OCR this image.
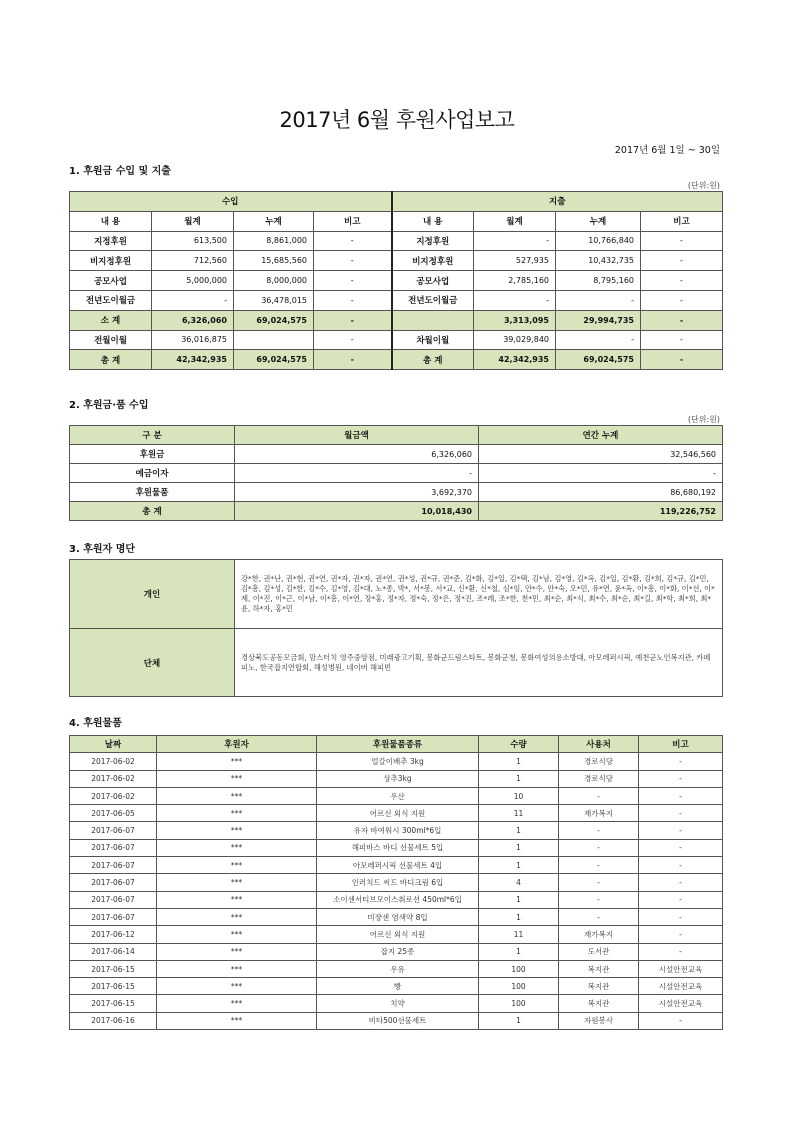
2017년 6월 후원사업보고
2017년 6월 1일 ~ 30일
1. 후원금 수입 및 지출
(단위:원)
수입				지출			
내 용	월계	누계	비고	내 용	월계	누계	비고
지정후원	613,500	8,861,000	-	지정후원	-	10,766,840	-
비지정후원	712,560	15,685,560	-	비지정후원	527,935	10,432,735	-
공모사업	5,000,000	8,000,000	-	공모사업	2,785,160	8,795,160	-
전년도이월금	-	36,478,015	-	전년도이월금	-	-	-
소 계	6,326,060	69,024,575	-		3,313,095	29,994,735	-
전월이월	36,016,875		-	차월이월	39,029,840	-	-
총 계	42,342,935	69,024,575	-	총 계	42,342,935	69,024,575	-
2. 후원금·품 수입
(단위:원)
구 분	월금액	연간 누계
후원금	6,326,060	32,546,560
예금이자	-	-
후원물품	3,692,370	86,680,192
총 계	10,018,430	119,226,752
3. 후원자 명단
개인	강*한, 권*난, 권*현, 권*연, 권*자, 권*자, 권*연, 권*성, 권*규, 권*준, 김*화, 김*일, 김*택, 김*남, 김*영, 김*옥, 김*일, 김*환, 김*희, 김*규, 김*민, 김*흥, 김*성, 김*한, 김*수, 김*영, 김*대, 노*종, 박*, 서*봉, 서*교, 신*환, 신*철, 심*임, 안*수, 안*숙, 오*민, 유*연, 윤*옥, 이*흥, 이*화, 이*선, 이*제, 이*진, 이*근, 이*남, 이*흥, 이*연, 장*홍, 정*자, 정*숙, 정*은, 정*진, 조*례, 조*한, 천*민, 최*순, 최*식, 최*수, 최*순, 최*길, 최*학, 최*희, 최*윤, 하*자, 홍*민
단체	경상북도공동모금회, 맘스터치 영주중앙점, 미래광고기획, 봉화군드림스타트, 봉화군청, 봉화여성의용소방대, 아모레퍼시픽, 예천군노인복지관, 카페피노, 한국잡지연합회, 해성병원, 네이버 해피빈
4. 후원물품
날짜	후원자	후원물품종류	수량	사용처	비고
2017-06-02	***	얼갈이배추 3kg	1	경로식당	-
2017-06-02	***	상추3kg	1	경로식당	-
2017-06-02	***	우산	10	-	-
2017-06-05	***	어르신 외식 지원	11	재가복지	-
2017-06-07	***	유자 바여워시 300ml*6입	1	-	-
2017-06-07	***	해피바스 바디 선물세트 5입	1	-	-
2017-06-07	***	아모레퍼시픽 선물세트 4입	1	-	-
2017-06-07	***	인러치드 씨드 바디크림 6입	4	-	-
2017-06-07	***	소이센서티브모이스춰로션 450ml*6입	1	-	-
2017-06-07	***	미쟝센 염색약 8입	1	-	-
2017-06-12	***	어르신 외식 지원	11	재가복지	-
2017-06-14	***	잡지 25종	1	도서관	-
2017-06-15	***	우유	100	복지관	시설안전교육
2017-06-15	***	빵	100	복지관	시설안전교육
2017-06-15	***	치약	100	복지관	시설안전교육
2017-06-16	***	비타500선물세트	1	자원봉사	-
